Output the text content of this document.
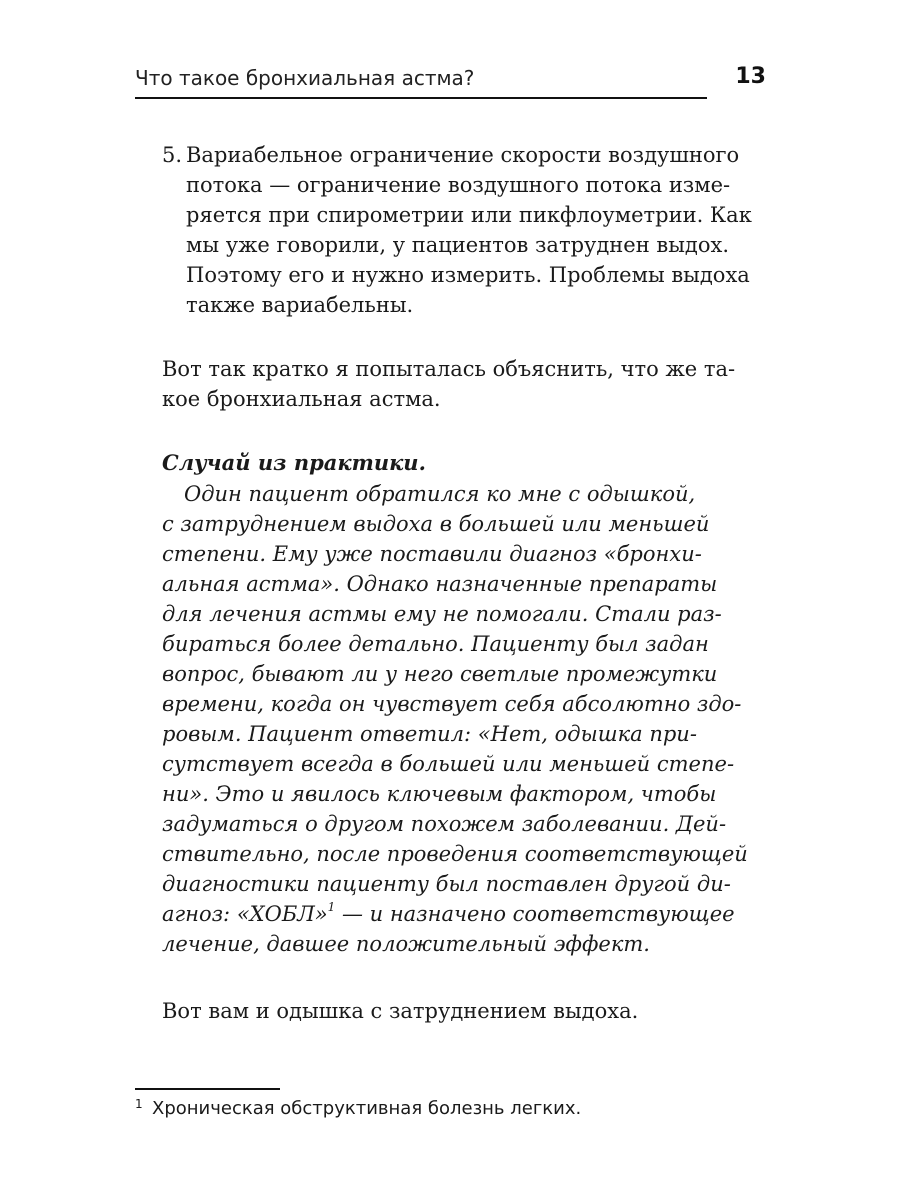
Что такое бронхиальная астма?	13
5. Вариабельное ограничение скорости воздушного
потока — ограничение воздушного потока изме-
ряется при спирометрии или пикфлоуметрии. Как
мы уже говорили, у пациентов затруднен выдох.
Поэтому его и нужно измерить. Проблемы выдоха
также вариабельны.
Вот так кратко я попыталась объяснить, что же та-
кое бронхиальная астма.
Случай из практики.
Один пациент обратился ко мне с одышкой,
с затруднением выдоха в большей или меньшей
степени. Ему уже поставили диагноз «бронхи-
альная астма». Однако назначенные препараты
для лечения астмы ему не помогали. Стали раз-
бираться более детально. Пациенту был задан
вопрос, бывают ли у него светлые промежутки
времени, когда он чувствует себя абсолютно здо-
ровым. Пациент ответил: «Нет, одышка при-
сутствует всегда в большей или меньшей степе-
ни». Это и явилось ключевым фактором, чтобы
задуматься о другом похожем заболевании. Дей-
ствительно, после проведения соответствующей
диагностики пациенту был поставлен другой ди-
агноз: «ХОБЛ»$^1$ — и назначено соответствующее
лечение, давшее положительный эффект.
Вот вам и одышка с затруднением выдоха.
1 Хроническая обструктивная болезнь легких.
